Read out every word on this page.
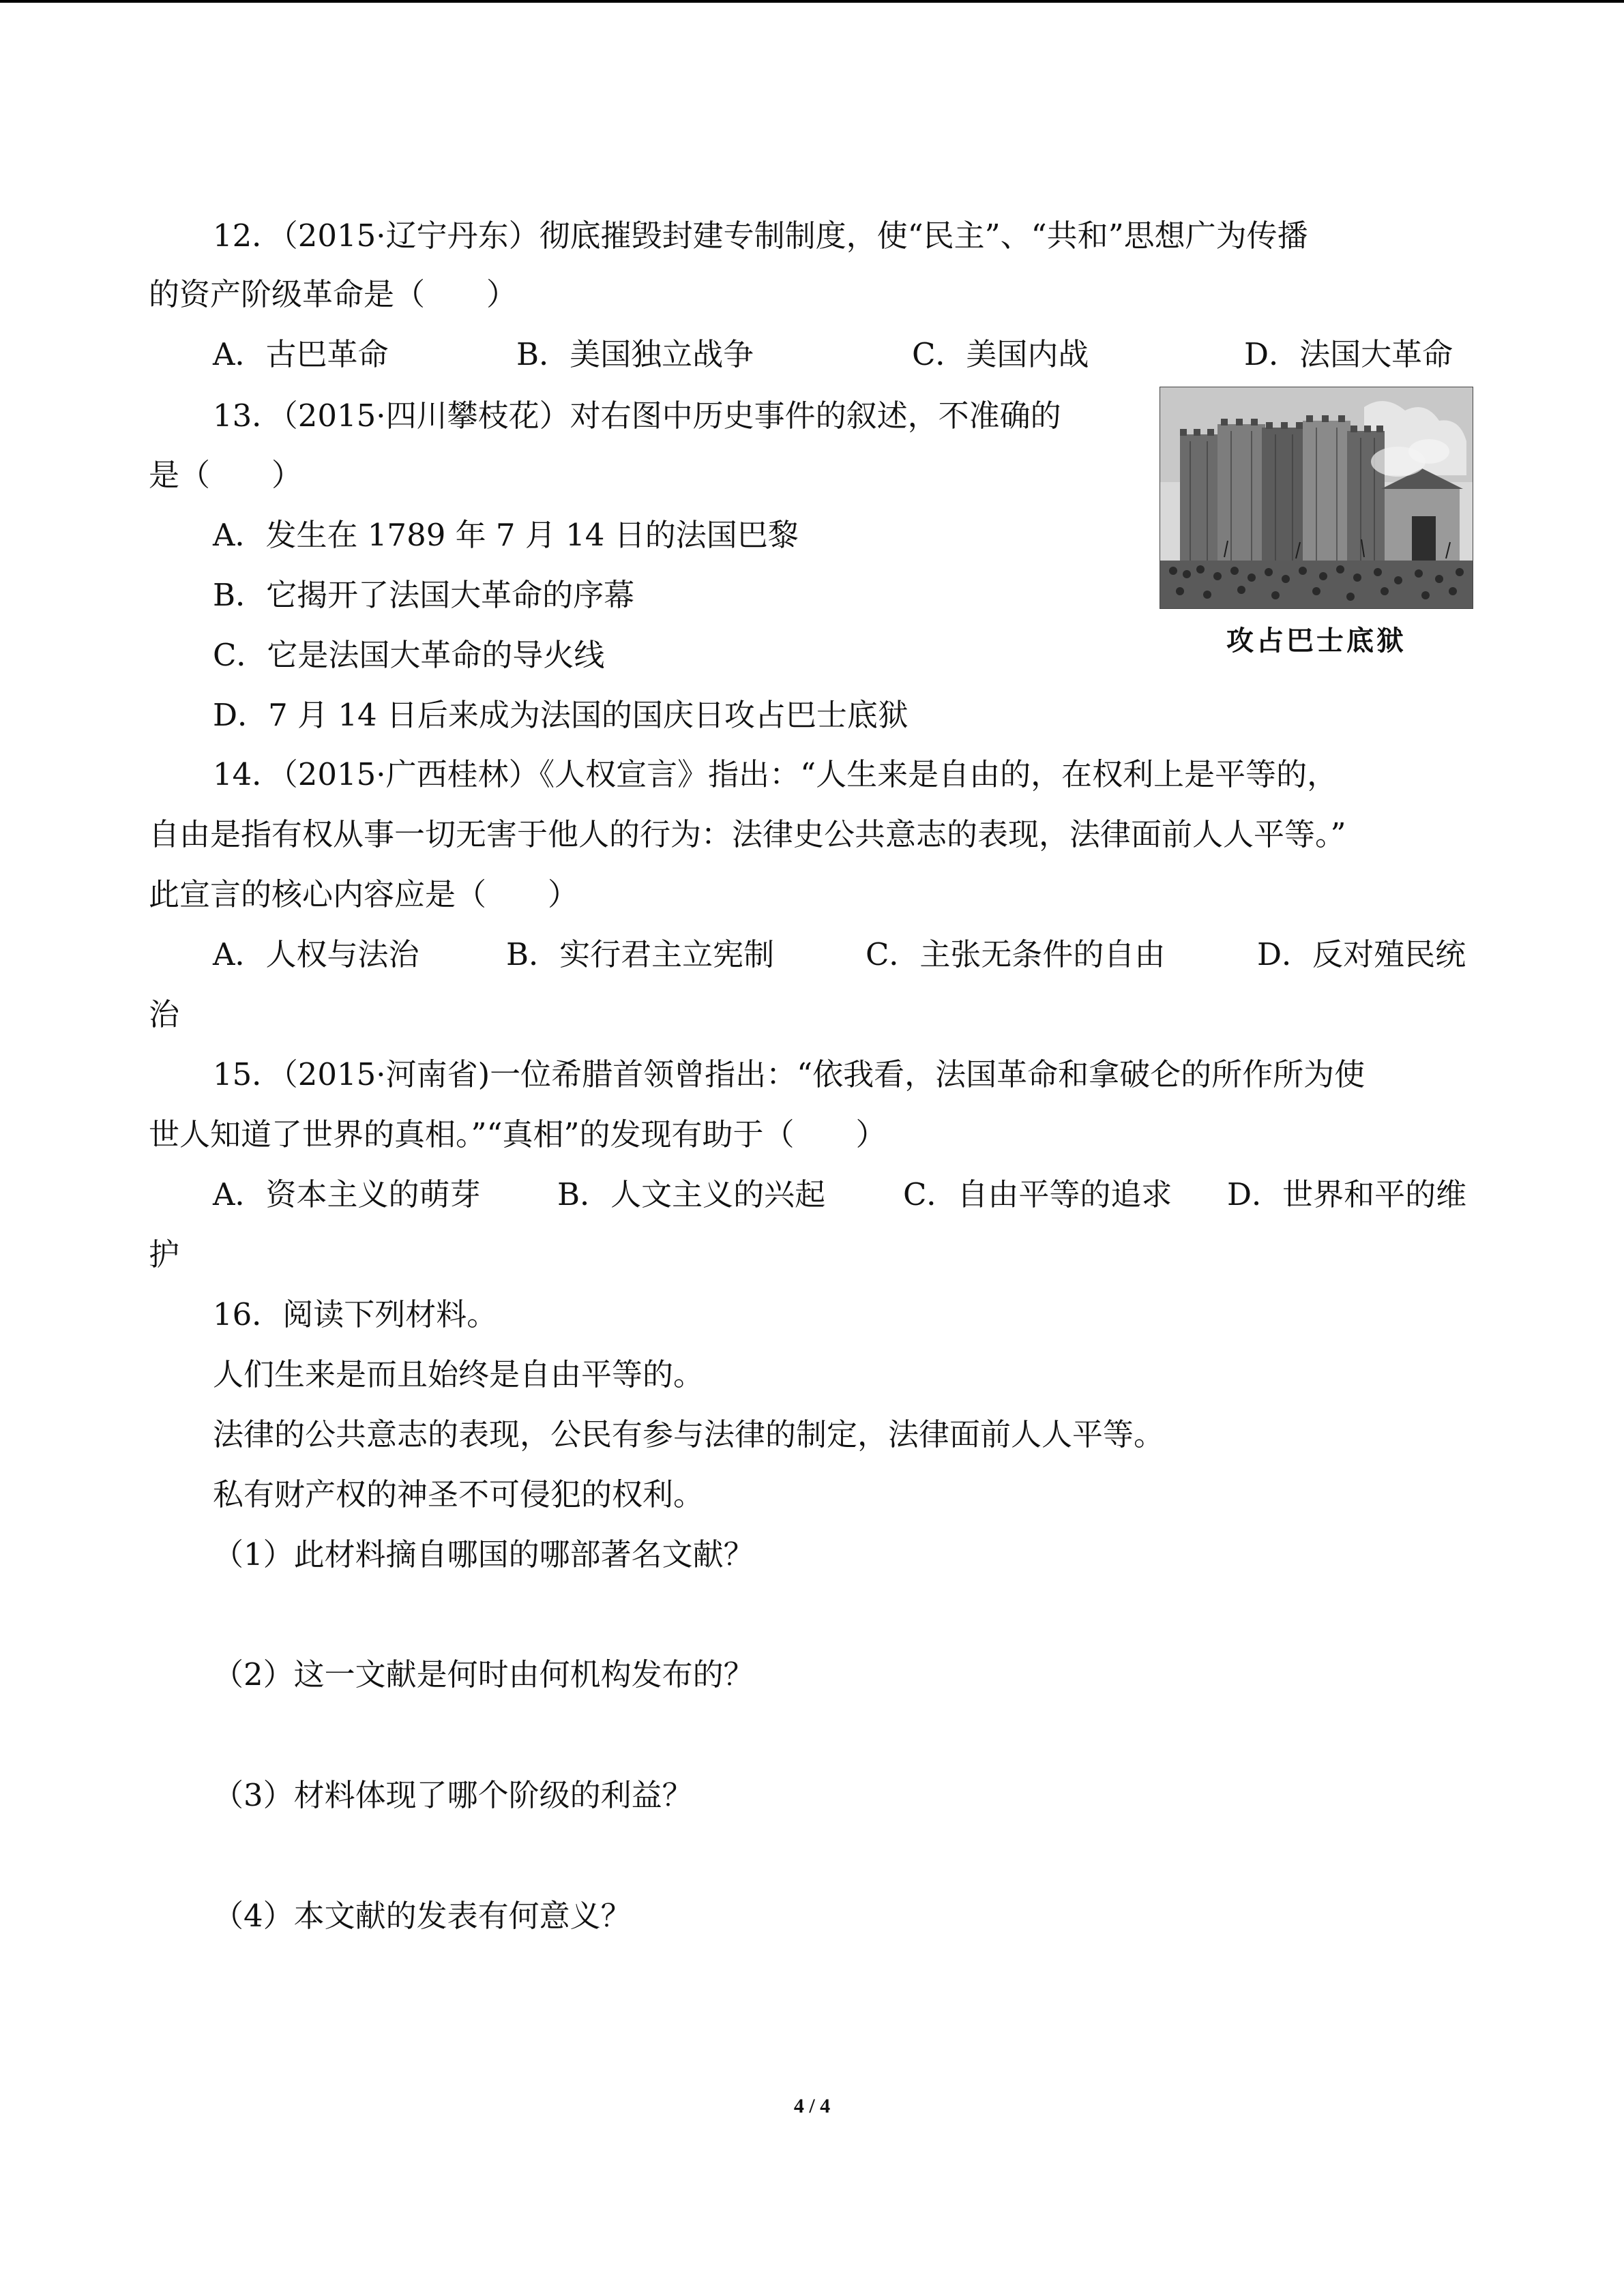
12．（2015·辽宁丹东）彻底摧毁封建专制制度，使“民主”、“共和”思想广为传播
的资产阶级革命是（　　）
A．古巴革命	B．美国独立战争	C．美国内战	D．法国大革命
13．（2015·四川攀枝花）对右图中历史事件的叙述，不准确的
是（　　）
A．发生在 1789 年 7 月 14 日的法国巴黎
B．它揭开了法国大革命的序幕
C．它是法国大革命的导火线
D．7 月 14 日后来成为法国的国庆日攻占巴士底狱
攻占巴士底狱
14．（2015·广西桂林）《人权宣言》指出：“人生来是自由的，在权利上是平等的，
自由是指有权从事一切无害于他人的行为：法律史公共意志的表现，法律面前人人平等。”
此宣言的核心内容应是（　　）
A．人权与法治	B．实行君主立宪制	C．主张无条件的自由	D．反对殖民统
治
15．（2015·河南省)一位希腊首领曾指出：“依我看，法国革命和拿破仑的所作所为使
世人知道了世界的真相。”“真相”的发现有助于（　　）
A．资本主义的萌芽	B．人文主义的兴起	C．自由平等的追求 D．世界和平的维
护
16．阅读下列材料。
人们生来是而且始终是自由平等的。
法律的公共意志的表现，公民有参与法律的制定，法律面前人人平等。
私有财产权的神圣不可侵犯的权利。
（1）此材料摘自哪国的哪部著名文献？
（2）这一文献是何时由何机构发布的？
（3）材料体现了哪个阶级的利益？
（4）本文献的发表有何意义？
4 / 4
